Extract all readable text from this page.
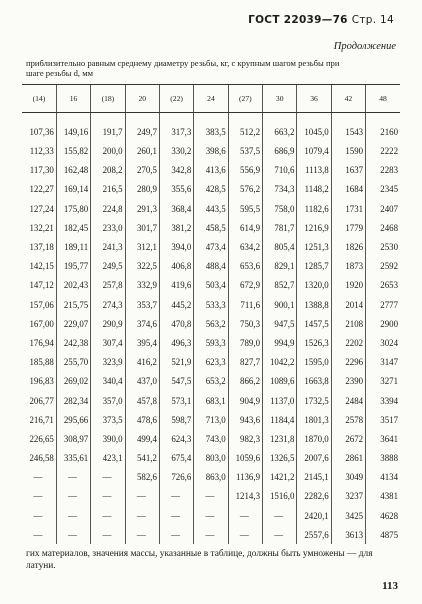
ГОСТ 22039—76 Стр. 14
Продолжение
приблизительно равным среднему диаметру резьбы, кг, с крупным шагом резьбы при
шаге резьбы d, мм
(14)	16	(18)	20	(22)	24	(27)	30	36	42	48
107,36	149,16	191,7	249,7	317,3	383,5	512,2	663,2	1045,0	1543	2160
112,33	155,82	200,0	260,1	330,2	398,6	537,5	686,9	1079,4	1590	2222
117,30	162,48	208,2	270,5	342,8	413,6	556,9	710,6	1113,8	1637	2283
122,27	169,14	216,5	280,9	355,6	428,5	576,2	734,3	1148,2	1684	2345
127,24	175,80	224,8	291,3	368,4	443,5	595,5	758,0	1182,6	1731	2407
132,21	182,45	233,0	301,7	381,2	458,5	614,9	781,7	1216,9	1779	2468
137,18	189,11	241,3	312,1	394,0	473,4	634,2	805,4	1251,3	1826	2530
142,15	195,77	249,5	322,5	406,8	488,4	653,6	829,1	1285,7	1873	2592
147,12	202,43	257,8	332,9	419,6	503,4	672,9	852,7	1320,0	1920	2653
157,06	215,75	274,3	353,7	445,2	533,3	711,6	900,1	1388,8	2014	2777
167,00	229,07	290,9	374,6	470,8	563,2	750,3	947,5	1457,5	2108	2900
176,94	242,38	307,4	395,4	496,3	593,3	789,0	994,9	1526,3	2202	3024
185,88	255,70	323,9	416,2	521,9	623,3	827,7	1042,2	1595,0	2296	3147
196,83	269,02	340,4	437,0	547,5	653,2	866,2	1089,6	1663,8	2390	3271
206,77	282,34	357,0	457,8	573,1	683,1	904,9	1137,0	1732,5	2484	3394
216,71	295,66	373,5	478,6	598,7	713,0	943,6	1184,4	1801,3	2578	3517
226,65	308,97	390,0	499,4	624,3	743,0	982,3	1231,8	1870,0	2672	3641
246,58	335,61	423,1	541,2	675,4	803,0	1059,6	1326,5	2007,6	2861	3888
—	—	—	582,6	726,6	863,0	1136,9	1421,2	2145,1	3049	4134
—	—	—	—	—	—	1214,3	1516,0	2282,6	3237	4381
—	—	—	—	—	—	—	—	2420,1	3425	4628
—	—	—	—	—	—	—	—	2557,6	3613	4875
гих материалов, значения массы, указанные в таблице, должны быть умножены — для латуни.
113
